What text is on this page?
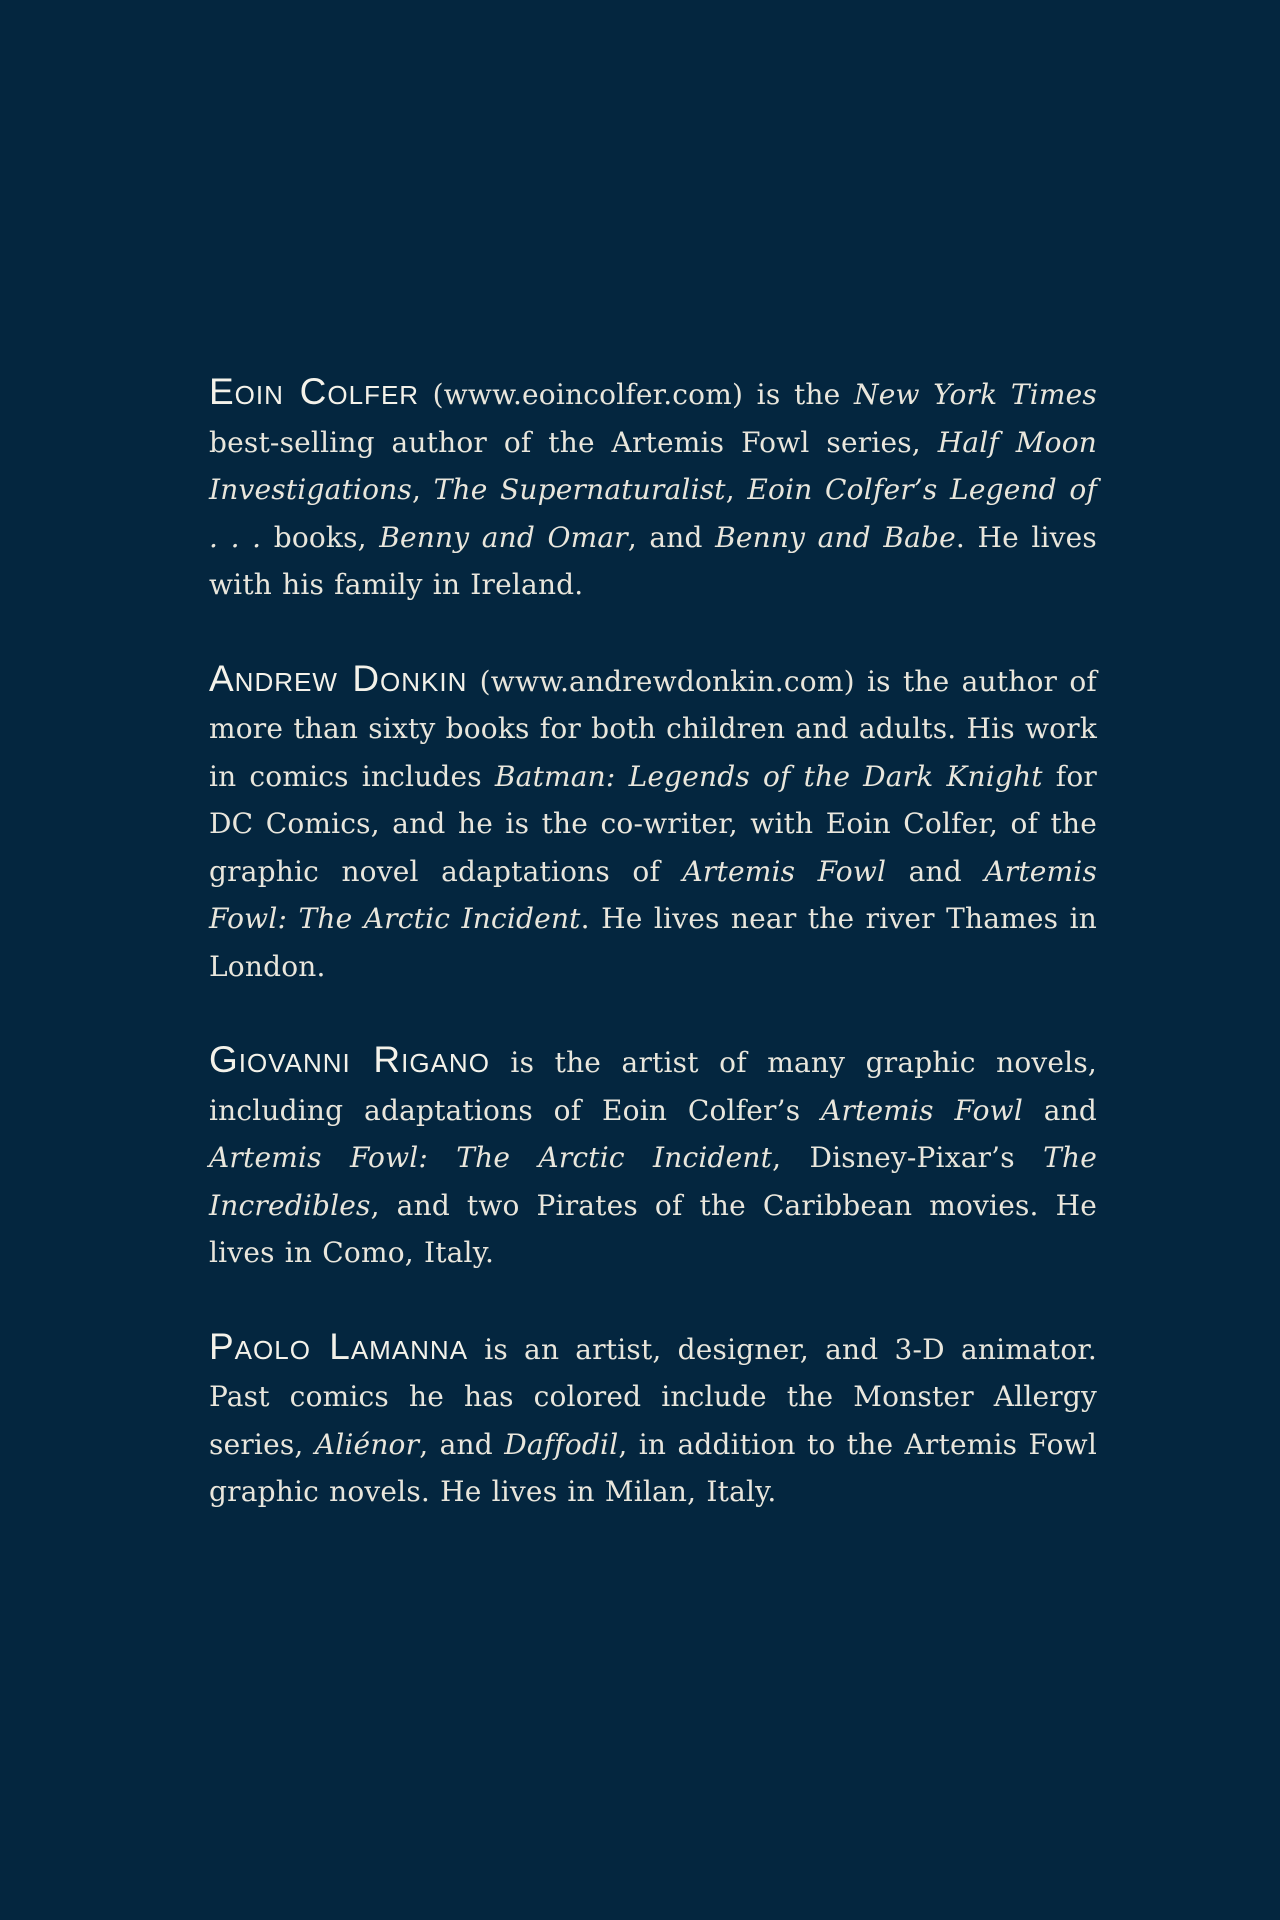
Eoin Colfer (www.eoincolfer.com) is the New York Times best-selling author of the Artemis Fowl series, Half Moon Investigations, The Supernaturalist, Eoin Colfer’s Legend of . . . books, Benny and Omar, and Benny and Babe. He lives with his family in Ireland.

Andrew Donkin (www.andrewdonkin.com) is the author of more than sixty books for both children and adults. His work in comics includes Batman: Legends of the Dark Knight for DC Comics, and he is the co-writer, with Eoin Colfer, of the graphic novel adaptations of Artemis Fowl and Artemis Fowl: The Arctic Incident. He lives near the river Thames in London.

Giovanni Rigano is the artist of many graphic novels, including adaptations of Eoin Colfer’s Artemis Fowl and Artemis Fowl: The Arctic Incident, Disney-Pixar’s The Incredibles, and two Pirates of the Caribbean movies. He lives in Como, Italy.

Paolo Lamanna is an artist, designer, and 3-D animator. Past comics he has colored include the Monster Allergy series, Aliénor, and Daffodil, in addition to the Artemis Fowl graphic novels. He lives in Milan, Italy.
